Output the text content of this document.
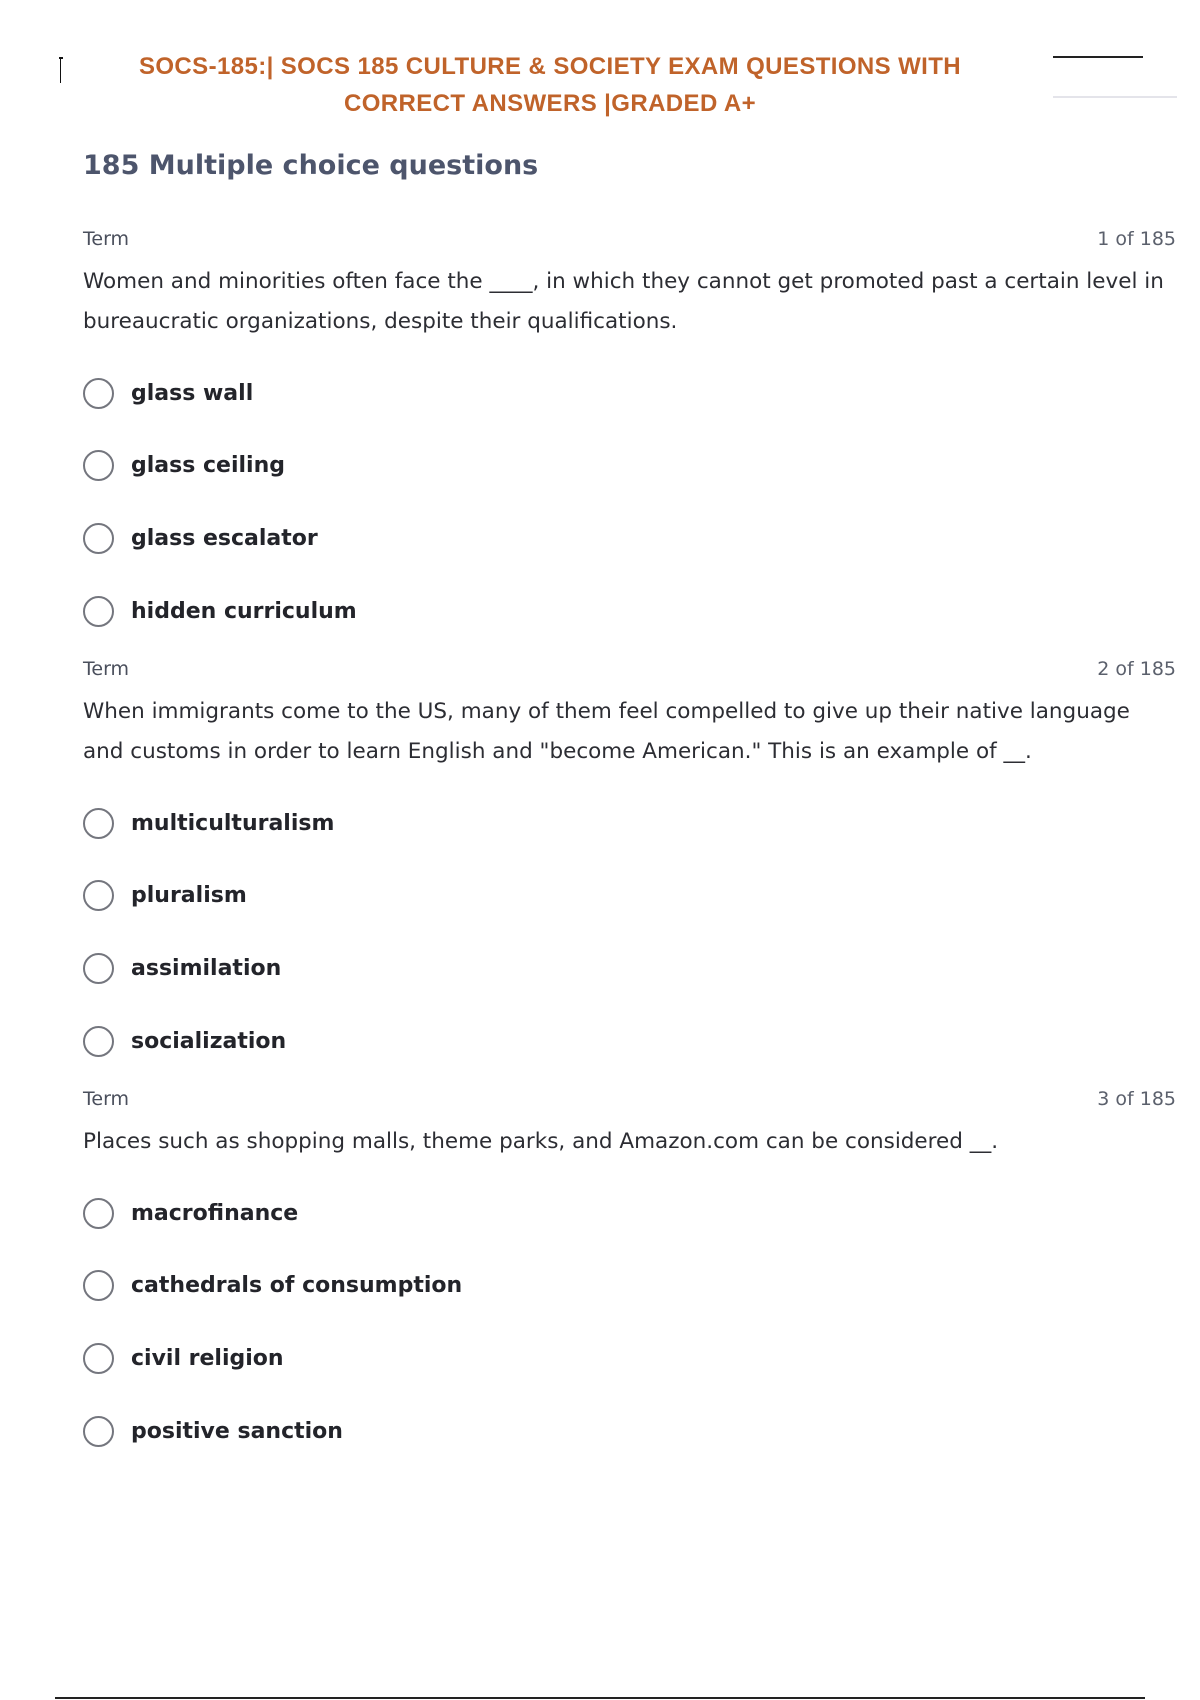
SOCS-185:| SOCS 185 CULTURE & SOCIETY EXAM QUESTIONS WITH
CORRECT ANSWERS |GRADED A+
185 Multiple choice questions
Term	1 of 185
Women and minorities often face the ____, in which they cannot get promoted past a certain level in bureaucratic organizations, despite their qualifications.
glass wall
glass ceiling
glass escalator
hidden curriculum
Term	2 of 185
When immigrants come to the US, many of them feel compelled to give up their native language and customs in order to learn English and "become American." This is an example of __.
multiculturalism
pluralism
assimilation
socialization
Term	3 of 185
Places such as shopping malls, theme parks, and Amazon.com can be considered __.
macrofinance
cathedrals of consumption
civil religion
positive sanction
